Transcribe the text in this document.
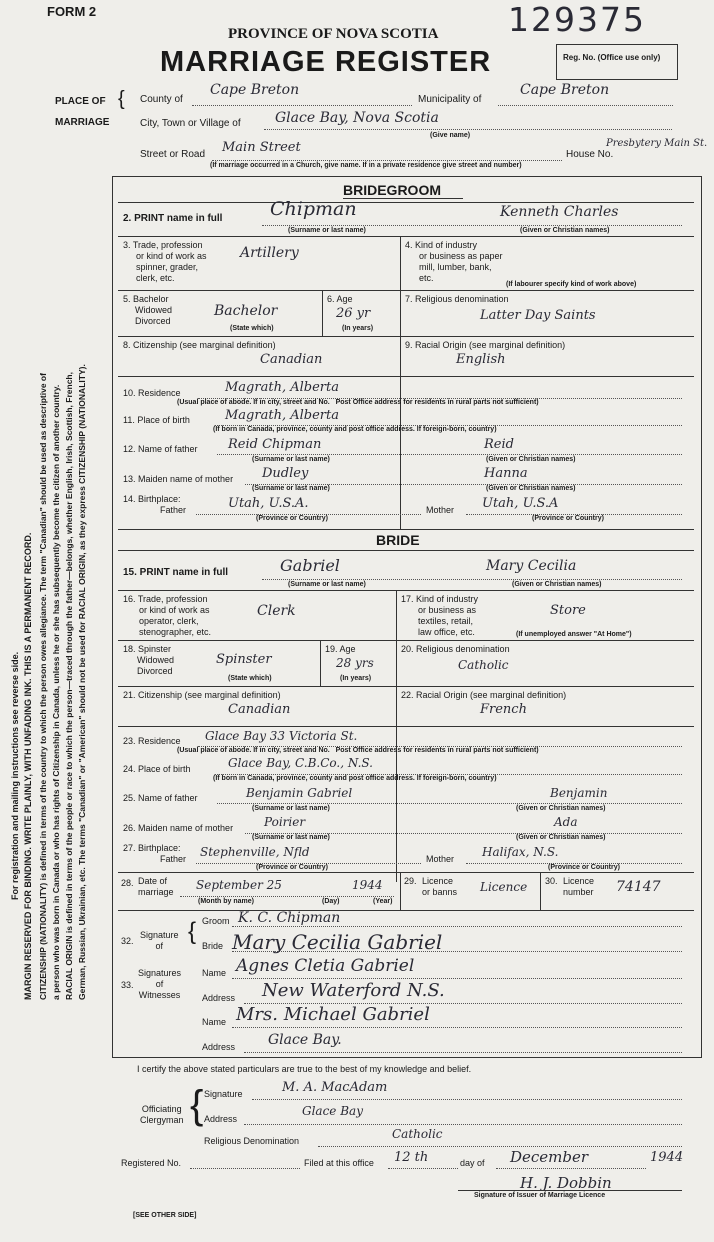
For registration and mailing instructions see reverse side. MARGIN RESERVED FOR BINDING. WRITE PLAINLY, WITH UNFADING INK. THIS IS A PERMANENT RECORD. CITIZENSHIP (NATIONALITY) is defined in terms of the country to which the person owes allegiance. The term "Canadian" should be used as descriptive of a person who was born in Canada or who has rights of Citizenship in Canada, unless he or she has subsequently become the citizen of another country. RACIAL ORIGIN is defined in terms of the people or race to which the person—traced through the father—belongs, whether English, Irish, Scottish, French, German, Russian, Ukrainian, etc. The terms "Canadian" or "American" should not be used for RACIAL ORIGIN, as they express CITIZENSHIP (NATIONALITY).
FORM 2
PROVINCE OF NOVA SCOTIA
MARRIAGE REGISTER
129375
Reg. No. (Office use only)
PLACE OF
MARRIAGE
{ County of
Cape Breton
Municipality of
Cape Breton
City, Town or Village of Glace Bay, Nova Scotia
(Give name)
Street or Road Main Street	House No.
Presbytery Main St.
(If marriage occurred in a Church, give name. If in a private residence give street and number)
BRIDEGROOM
2. PRINT name in full	Chipman	Kenneth Charles
(Surname or last name)	(Given or Christian names)
3. Trade, profession
or kind of work as
spinner, grader,
clerk, etc.
Artillery	4. Kind of industry
or business as paper
mill, lumber, bank,
etc.
(If labourer specify kind of work above)
5. Bachelor
Widowed
Divorced
Bachelor
(State which)
6. Age
26 yr
(In years)
7. Religious denomination
Latter Day Saints
8. Citizenship (see marginal definition)
Canadian
9. Racial Origin (see marginal definition)
English
10. Residence	Magrath, Alberta
(Usual place of abode. If in city, street and No. Post Office address for residents in rural parts not sufficient)
11. Place of birth	Magrath, Alberta
(If born in Canada, province, county and post office address. If foreign-born, country)
12. Name of father Reid Chipman	Reid
(Surname or last name)	(Given or Christian names)
13. Maiden name of mother Dudley	Hanna
(Surname or last name)	(Given or Christian names)
14. Birthplace:
Father	Utah, U.S.A.	Mother Utah, U.S.A
(Province or Country)	(Province or Country)
BRIDE
15. PRINT name in full	Gabriel	Mary Cecilia
(Surname or last name)	(Given or Christian names)
16. Trade, profession
or kind of work as
operator, clerk,
stenographer, etc.
Clerk
17. Kind of industry
or business as
textiles, retail,
law office, etc.
Store
(If unemployed answer "At Home")
18. Spinster
Widowed
Divorced
Spinster
(State which)
19. Age
28 yrs
(In years)
20. Religious denomination
Catholic
21. Citizenship (see marginal definition)
Canadian
22. Racial Origin (see marginal definition)
French
23. Residence Glace Bay 33 Victoria St.
(Usual place of abode. If in city, street and No. Post Office address for residents in rural parts not sufficient)
24. Place of birth	Glace Bay, C.B.Co., N.S.
(If born in Canada, province, county and post office address. If foreign-born, country)
25. Name of father	Benjamin Gabriel	Benjamin
(Surname or last name)	(Given or Christian names)
26. Maiden name of mother	Poirier	Ada
(Surname or last name)	(Given or Christian names)
27. Birthplace:
Father Stephenville, Nfld	Mother Halifax, N.S.
(Province or Country)	(Province or Country)
28. Date of
marriage September 25	1944
(Month by name)	(Day)	(Year)
29. Licence
or banns Licence 30. Licence
number 74147
32.
Signature
of
{ Groom K. C. Chipman
Bride Mary Cecilia Gabriel
33.
Signatures
of
Witnesses
Name Agnes Cletia Gabriel
Address New Waterford N.S.
Name Mrs. Michael Gabriel
Address Glace Bay.
I certify the above stated particulars are true to the best of my knowledge and belief.
Officiating
Clergyman { Signature	M. A. MacAdam
Address
Glace Bay
Religious Denomination	Catholic
Registered No.	Filed at this office 12 th	day of December	1944
H. J. Dobbin
Signature of Issuer of Marriage Licence
[SEE OTHER SIDE]
